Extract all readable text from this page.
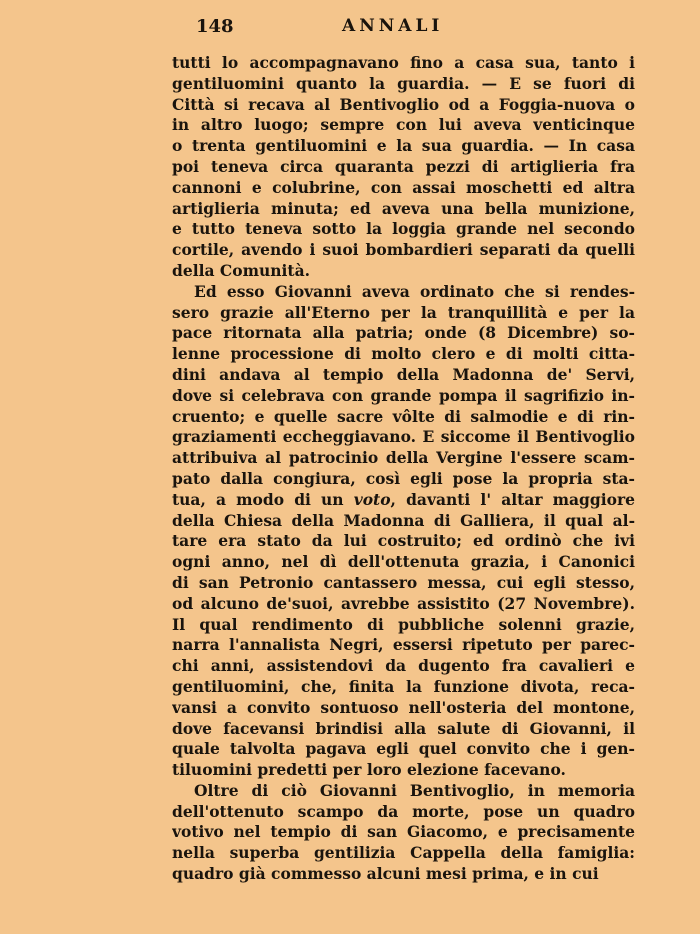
148	ANNALI
tutti lo accompagnavano fino a casa sua, tanto i
gentiluomini quanto la guardia. — E se fuori di
Città si recava al Bentivoglio od a Foggia-nuova o
in altro luogo; sempre con lui aveva venticinque
o trenta gentiluomini e la sua guardia. — In casa
poi teneva circa quaranta pezzi di artiglieria fra
cannoni e colubrine, con assai moschetti ed altra
artiglieria minuta; ed aveva una bella munizione,
e tutto teneva sotto la loggia grande nel secondo
cortile, avendo i suoi bombardieri separati da quelli
della Comunità.
Ed esso Giovanni aveva ordinato che si rendes-
sero grazie all'Eterno per la tranquillità e per la
pace ritornata alla patria; onde (8 Dicembre) so-
lenne processione di molto clero e di molti citta-
dini andava al tempio della Madonna de' Servi,
dove si celebrava con grande pompa il sagrifizio in-
cruento; e quelle sacre vôlte di salmodie e di rin-
graziamenti eccheggiavano. E siccome il Bentivoglio
attribuiva al patrocinio della Vergine l'essere scam-
pato dalla congiura, così egli pose la propria sta-
tua, a modo di un voto, davanti l' altar maggiore
della Chiesa della Madonna di Galliera, il qual al-
tare era stato da lui costruito; ed ordinò che ivi
ogni anno, nel dì dell'ottenuta grazia, i Canonici
di san Petronio cantassero messa, cui egli stesso,
od alcuno de'suoi, avrebbe assistito (27 Novembre).
Il qual rendimento di pubbliche solenni grazie,
narra l'annalista Negri, essersi ripetuto per parec-
chi anni, assistendovi da dugento fra cavalieri e
gentiluomini, che, finita la funzione divota, reca-
vansi a convito sontuoso nell'osteria del montone,
dove facevansi brindisi alla salute di Giovanni, il
quale talvolta pagava egli quel convito che i gen-
tiluomini predetti per loro elezione facevano.
Oltre di ciò Giovanni Bentivoglio, in memoria
dell'ottenuto scampo da morte, pose un quadro
votivo nel tempio di san Giacomo, e precisamente
nella superba gentilizia Cappella della famiglia:
quadro già commesso alcuni mesi prima, e in cui
